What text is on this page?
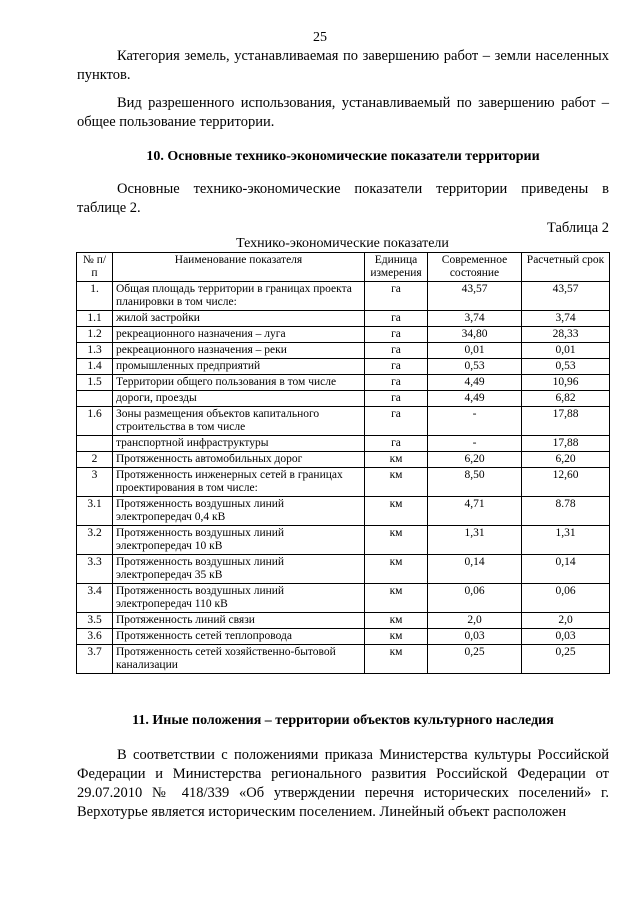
25

Категория земель, устанавливаемая по завершению работ – земли населенных пунктов.

Вид разрешенного использования, устанавливаемый по завершению работ – общее пользование территории.

10. Основные технико-экономические показатели территории

Основные технико-экономические показатели территории приведены в таблице 2.

Таблица 2
Технико-экономические показатели
№ п/п	Наименование показателя	Единица измерения	Современное состояние	Расчетный срок
1.	Общая площадь территории в границах проекта планировки в том числе:	га	43,57	43,57
1.1	жилой застройки	га	3,74	3,74
1.2	рекреационного назначения – луга	га	34,80	28,33
1.3	рекреационного назначения – реки	га	0,01	0,01
1.4	промышленных предприятий	га	0,53	0,53
1.5	Территории общего пользования в том числе	га	4,49	10,96
	дороги, проезды	га	4,49	6,82
1.6	Зоны размещения объектов капитального строительства в том числе	га	-	17,88
	транспортной инфраструктуры	га	-	17,88
2	Протяженность автомобильных дорог	км	6,20	6,20
3	Протяженность инженерных сетей в границах проектирования в том числе:	км	8,50	12,60
3.1	Протяженность воздушных линий электропередач 0,4 кВ	км	4,71	8.78
3.2	Протяженность воздушных линий электропередач 10 кВ	км	1,31	1,31
3.3	Протяженность воздушных линий электропередач 35 кВ	км	0,14	0,14
3.4	Протяженность воздушных линий электропередач 110 кВ	км	0,06	0,06
3.5	Протяженность линий связи	км	2,0	2,0
3.6	Протяженность сетей теплопровода	км	0,03	0,03
3.7	Протяженность сетей хозяйственно-бытовой канализации	км	0,25	0,25
11. Иные положения – территории объектов культурного наследия

В соответствии с положениями приказа Министерства культуры Российской Федерации и Министерства регионального развития Российской Федерации от 29.07.2010 № 418/339 «Об утверждении перечня исторических поселений» г. Верхотурье является историческим поселением. Линейный объект расположен
